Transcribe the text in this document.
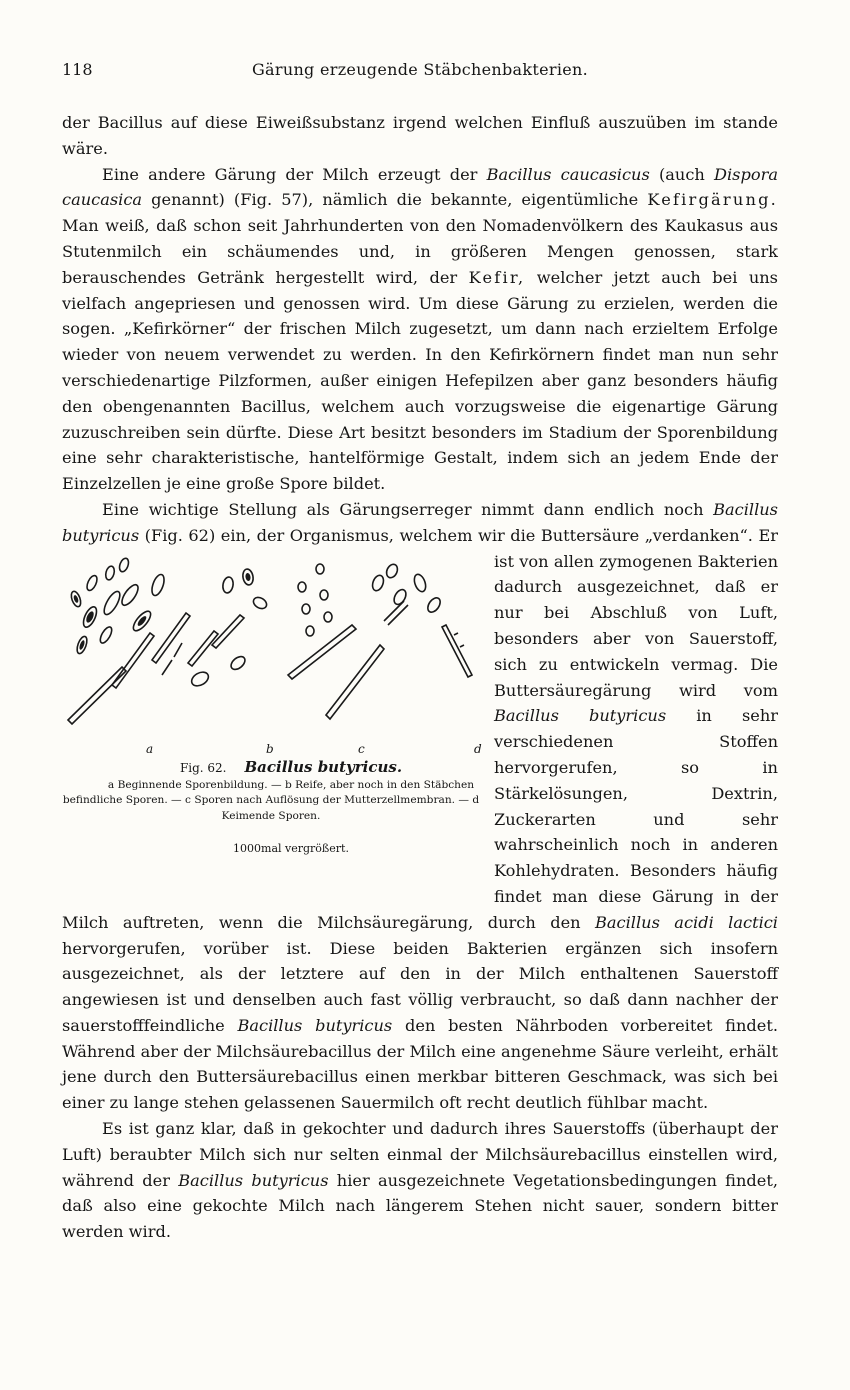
118	Gärung erzeugende Stäbchenbakterien.

der Bacillus auf diese Eiweißsubstanz irgend welchen Einfluß auszuüben im stande wäre.

Eine andere Gärung der Milch erzeugt der Bacillus caucasicus (auch Dispora caucasica genannt) (Fig. 57), nämlich die bekannte, eigentümliche Kefirgärung. Man weiß, daß schon seit Jahrhunderten von den Nomadenvölkern des Kaukasus aus Stutenmilch ein schäumendes und, in größeren Mengen genossen, stark berauschendes Getränk hergestellt wird, der Kefir, welcher jetzt auch bei uns vielfach angepriesen und genossen wird. Um diese Gärung zu erzielen, werden die sogen. „Kefirkörner“ der frischen Milch zugesetzt, um dann nach erzieltem Erfolge wieder von neuem verwendet zu werden. In den Kefirkörnern findet man nun sehr verschiedenartige Pilzformen, außer einigen Hefepilzen aber ganz besonders häufig den obengenannten Bacillus, welchem auch vorzugsweise die eigenartige Gärung zuzuschreiben sein dürfte. Diese Art besitzt besonders im Stadium der Sporenbildung eine sehr charakteristische, hantelförmige Gestalt, indem sich an jedem Ende der Einzelzellen je eine große Spore bildet.

Eine wichtige Stellung als Gärungserreger nimmt dann endlich noch Bacillus butyricus (Fig. 62) ein, der Organismus, welchem wir die Buttersäure „verdanken“.
a	b	c	d
Fig. 62. Bacillus butyricus.
a Beginnende Sporenbildung. — b Reife, aber noch in den Stäbchen befindliche Sporen. — c Sporen nach Auflösung der Mutterzellmembran. — d Keimende Sporen.
1000mal vergrößert.
Er ist von allen zymogenen Bakterien dadurch ausgezeichnet, daß er nur bei Abschluß von Luft, besonders aber von Sauerstoff, sich zu entwickeln vermag. Die Buttersäuregärung wird vom Bacillus butyricus in sehr verschiedenen Stoffen hervorgerufen, so in Stärkelösungen, Dextrin, Zuckerarten und sehr wahrscheinlich noch in anderen Kohlehydraten. Besonders häufig findet man diese Gärung in der Milch auftreten, wenn die Milchsäuregärung, durch den Bacillus acidi lactici hervorgerufen, vorüber ist. Diese beiden Bakterien ergänzen sich insofern ausgezeichnet, als der letztere auf den in der Milch enthaltenen Sauerstoff angewiesen ist und denselben auch fast völlig verbraucht, so daß dann nachher der sauerstofffeindliche Bacillus butyricus den besten Nährboden vorbereitet findet. Während aber der Milchsäurebacillus der Milch eine angenehme Säure verleiht, erhält jene durch den Buttersäurebacillus einen merkbar bitteren Geschmack, was sich bei einer zu lange stehen gelassenen Sauermilch oft recht deutlich fühlbar macht.

Es ist ganz klar, daß in gekochter und dadurch ihres Sauerstoffs (überhaupt der Luft) beraubter Milch sich nur selten einmal der Milchsäurebacillus einstellen wird, während der Bacillus butyricus hier ausgezeichnete Vegetationsbedingungen findet, daß also eine gekochte Milch nach längerem Stehen nicht sauer, sondern bitter werden wird.
